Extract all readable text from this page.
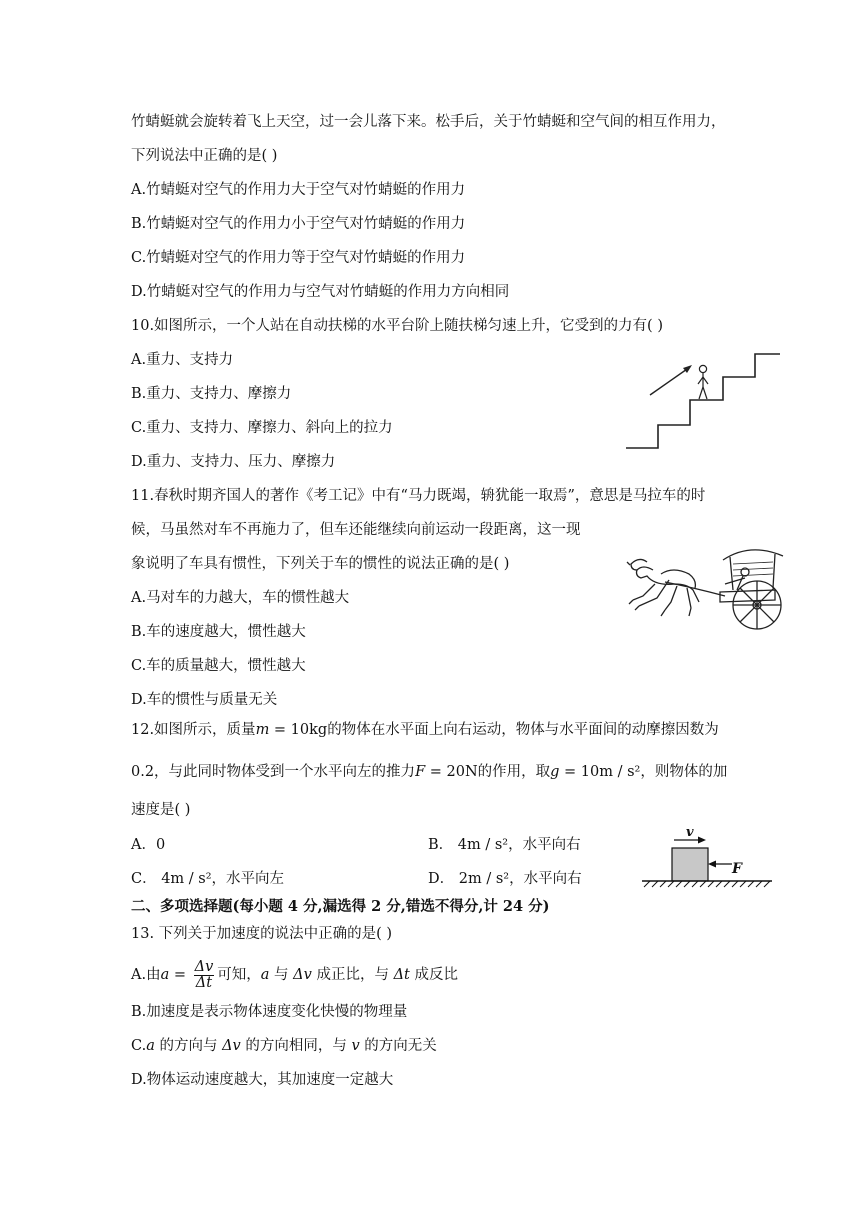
竹蜻蜓就会旋转着飞上天空，过一会儿落下来。松手后，关于竹蜻蜓和空气间的相互作用力，
下列说法中正确的是( )
A.竹蜻蜓对空气的作用力大于空气对竹蜻蜓的作用力
B.竹蜻蜓对空气的作用力小于空气对竹蜻蜓的作用力
C.竹蜻蜓对空气的作用力等于空气对竹蜻蜓的作用力
D.竹蜻蜓对空气的作用力与空气对竹蜻蜓的作用力方向相同
10.如图所示，一个人站在自动扶梯的水平台阶上随扶梯匀速上升，它受到的力有( )
A.重力、支持力
B.重力、支持力、摩擦力
C.重力、支持力、摩擦力、斜向上的拉力
D.重力、支持力、压力、摩擦力
11.春秋时期齐国人的著作《考工记》中有“马力既竭，辀犹能一取焉”，意思是马拉车的时
候，马虽然对车不再施力了，但车还能继续向前运动一段距离，这一现
象说明了车具有惯性，下列关于车的惯性的说法正确的是( )
A.马对车的力越大，车的惯性越大
B.车的速度越大，惯性越大
C.车的质量越大，惯性越大
D.车的惯性与质量无关
12.如图所示，质量m = 10kg的物体在水平面上向右运动，物体与水平面间的动摩擦因数为
0.2，与此同时物体受到一个水平向左的推力F = 20N的作用，取g = 10m / s²，则物体的加
速度是( )
A．0	B． 4m / s²，水平向右
C． 4m / s²，水平向左	D． 2m / s²，水平向右
v
F
二、多项选择题(每小题 4 分,漏选得 2 分,错选不得分,计 24 分)
13. 下列关于加速度的说法中正确的是( )
A.由$a = \frac{\Delta v}{\Delta t}$ 可知，a 与 Δv 成正比，与 Δt 成反比
B.加速度是表示物体速度变化快慢的物理量
C.a 的方向与 Δv 的方向相同，与 v 的方向无关
D.物体运动速度越大，其加速度一定越大
